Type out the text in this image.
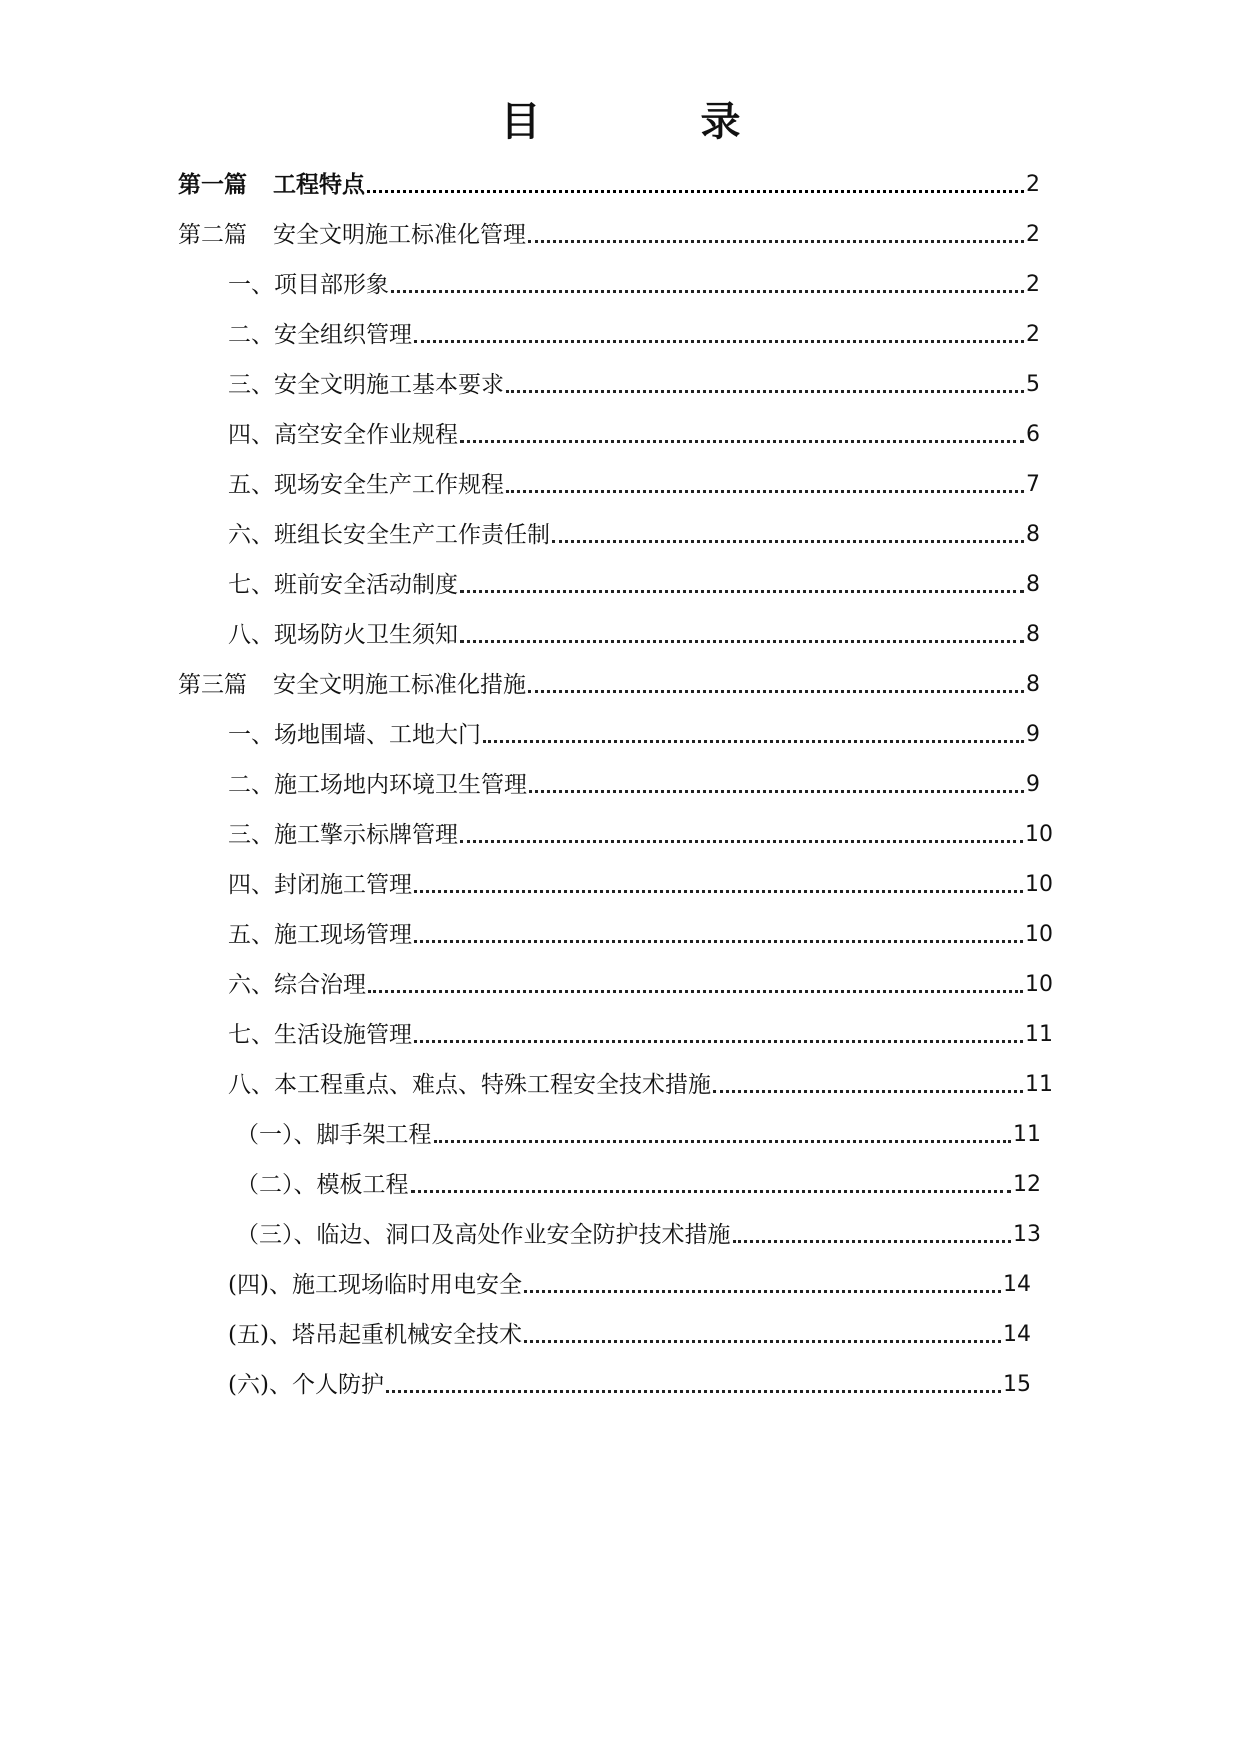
目	录
第一篇 工程特点	2
第二篇 安全文明施工标准化管理	2
一、项目部形象	2
二、安全组织管理	2
三、安全文明施工基本要求	5
四、高空安全作业规程	6
五、现场安全生产工作规程	7
六、班组长安全生产工作责任制	8
七、班前安全活动制度	8
八、现场防火卫生须知	8
第三篇 安全文明施工标准化措施	8
一、场地围墙、工地大门	9
二、施工场地内环境卫生管理	9
三、施工擎示标牌管理	10
四、封闭施工管理	10
五、施工现场管理	10
六、综合治理	10
七、生活设施管理	11
八、本工程重点、难点、特殊工程安全技术措施	11
（一）、脚手架工程	11
（二）、模板工程	12
（三）、临边、洞口及高处作业安全防护技术措施	13
(四)、施工现场临时用电安全	14
(五)、塔吊起重机械安全技术	14
(六)、个人防护	15
